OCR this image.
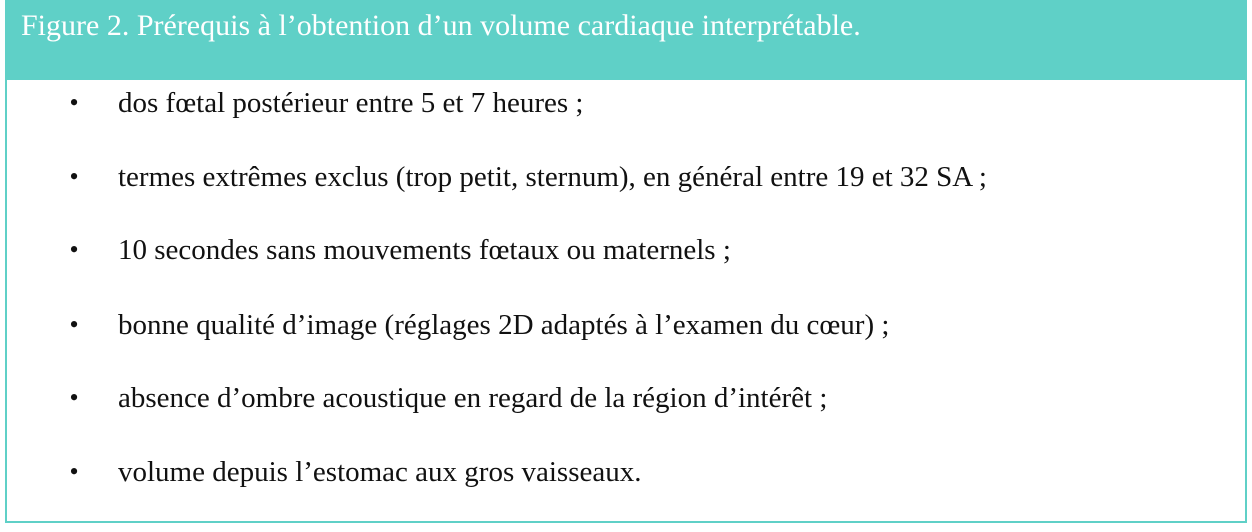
Figure 2. Prérequis à l’obtention d’un volume cardiaque interprétable.
• dos fœtal postérieur entre 5 et 7 heures ;
• termes extrêmes exclus (trop petit, sternum), en général entre 19 et 32 SA ;
• 10 secondes sans mouvements fœtaux ou maternels ;
• bonne qualité d’image (réglages 2D adaptés à l’examen du cœur) ;
• absence d’ombre acoustique en regard de la région d’intérêt ;
• volume depuis l’estomac aux gros vaisseaux.
